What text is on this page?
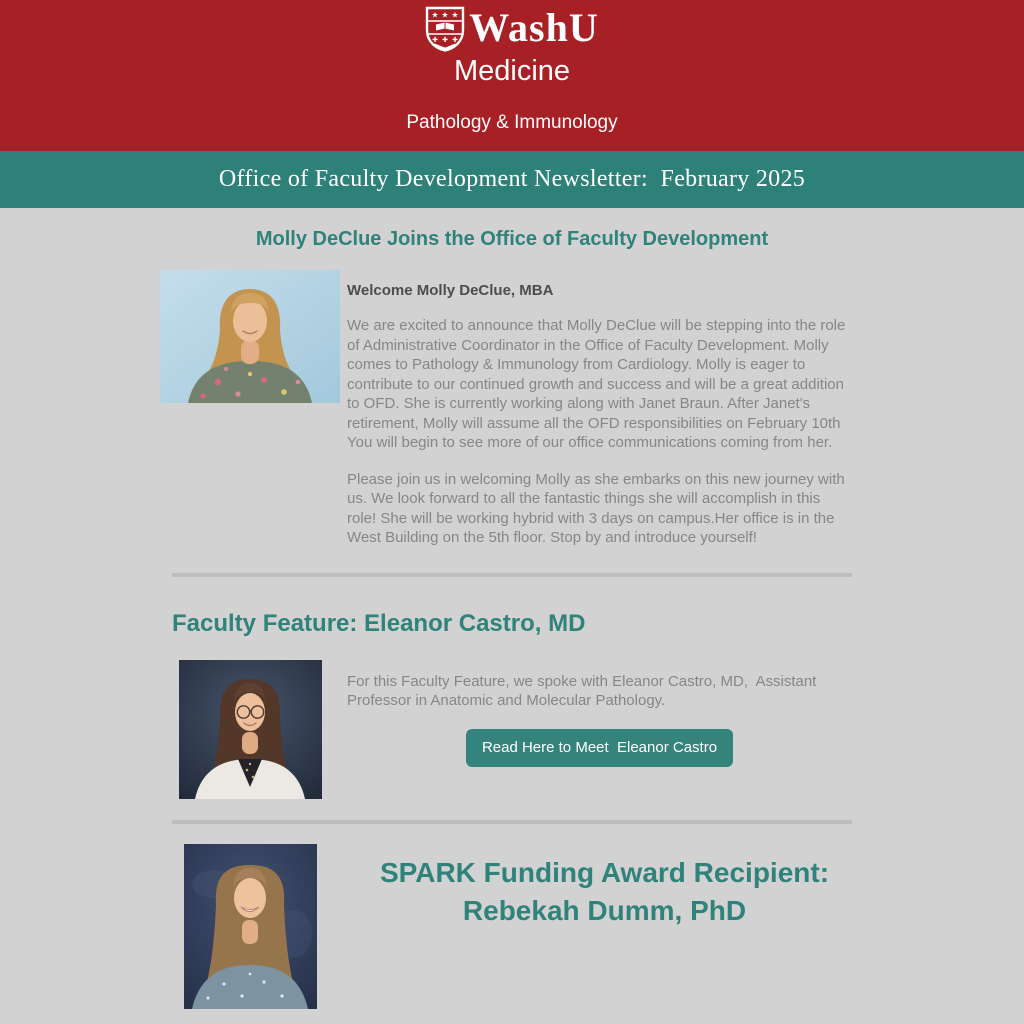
★ ★ ★
✚ ✚ ✚ WashU
Medicine
Pathology & Immunology
Office of Faculty Development Newsletter:  February 2025
Molly DeClue Joins the Office of Faculty Development
Welcome Molly DeClue, MBA

We are excited to announce that Molly DeClue will be stepping into the role of Administrative Coordinator in the Office of Faculty Development. Molly comes to Pathology & Immunology from Cardiology. Molly is eager to contribute to our continued growth and success and will be a great addition to OFD. She is currently working along with Janet Braun. After Janet's retirement, Molly will assume all the OFD responsibilities on February 10th  You will begin to see more of our office communications coming from her.

Please join us in welcoming Molly as she embarks on this new journey with us. We look forward to all the fantastic things she will accomplish in this role! She will be working hybrid with 3 days on campus.Her office is in the West Building on the 5th floor. Stop by and introduce yourself!

Faculty Feature: Eleanor Castro, MD

For this Faculty Feature, we spoke with Eleanor Castro, MD,  Assistant Professor in Anatomic and Molecular Pathology.

Read Here to Meet  Eleanor Castro
SPARK Funding Award Recipient:
Rebekah Dumm, PhD
